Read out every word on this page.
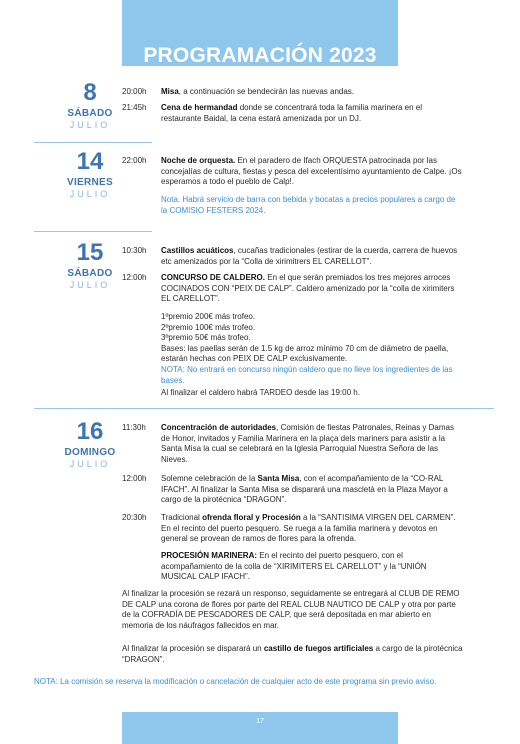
PROGRAMACIÓN 2023
8
SÁBADO
JULIO
20:00h Misa, a continuación se bendecirán las nuevas andas.
21:45h Cena de hermandad donde se concentrará toda la familia marinera en el restaurante Baidal, la cena estará amenizada por un DJ.
14
VIERNES
JULIO
22:00h Noche de orquesta. En el paradero de Ifach ORQUESTA patrocinada por las concejalías de cultura, fiestas y pesca del excelentísimo ayuntamiento de Calpe. ¡Os esperamos a todo el pueblo de Calp!.
Nota. Habrá servicio de barra con bebida y bocatas a precios populares a cargo de la COMISIO FESTERS 2024.
15
SÁBADO
JULIO
10:30h Castillos acuáticos, cucañas tradicionales (estirar de la cuerda, carrera de huevos etc amenizados por la “Colla de xirimitrers EL CARELLOT”.
12:00h CONCURSO DE CALDERO. En el que serán premiados los tres mejores arroces COCINADOS CON “PEIX DE CALP”. Caldero amenizado por la “colla de xirimiters EL CARELLOT”.
1ºpremio 200€ más trofeo.
2ºpremio 100€ más trofeo.
3ºpremio 50€ más trofeo.
Bases: las paellas serán de 1.5 kg de arroz mínimo 70 cm de diámetro de paella, estarán hechas con PEIX DE CALP exclusivamente.
NOTA: No entrará en concurso ningún caldero que no lleve los ingredientes de las bases.
Al finalizar el caldero habrá TARDEO desde las 19:00 h.
16
DOMINGO
JULIO
11:30h Concentración de autoridades, Comisión de fiestas Patronales, Reinas y Damas de Honor, invitados y Familia Marinera en la plaça dels mariners para asistir a la Santa Misa la cual se celebrará en la Iglesia Parroquial Nuestra Señora de las Nieves.
12:00h Solemne celebración de la Santa Misa, con el acompañamiento de la “CO-RAL IFACH”. Al finalizar la Santa Misa se disparará una mascletà en la Plaza Mayor a cargo de la pirotécnica “DRAGON”.
20:30h Tradicional ofrenda floral y Procesión a la “SANTISIMA VIRGEN DEL CARMEN”. En el recinto del puerto pesquero. Se ruega a la familia marinera y devotos en general se provean de ramos de flores para la ofrenda.
PROCESIÓN MARINERA: En el recinto del puerto pesquero, con el acompañamiento de la colla de “XIRIMITERS EL CARELLOT” y la “UNIÓN MUSICAL CALP IFACH”.
Al finalizar la procesión se rezará un responso, seguidamente se entregará al CLUB DE REMO DE CALP una corona de flores por parte del REAL CLUB NAUTICO DE CALP y otra por parte de la COFRADÍA DE PESCADORES DE CALP, que será depositada en mar abierto en memoria de los náufragos fallecidos en mar.
Al finalizar la procesión se disparará un castillo de fuegos artificiales a cargo de la pirotécnica “DRAGON”.
NOTA: La comisión se reserva la modificación o cancelación de cualquier acto de este programa sin previo aviso.
17
